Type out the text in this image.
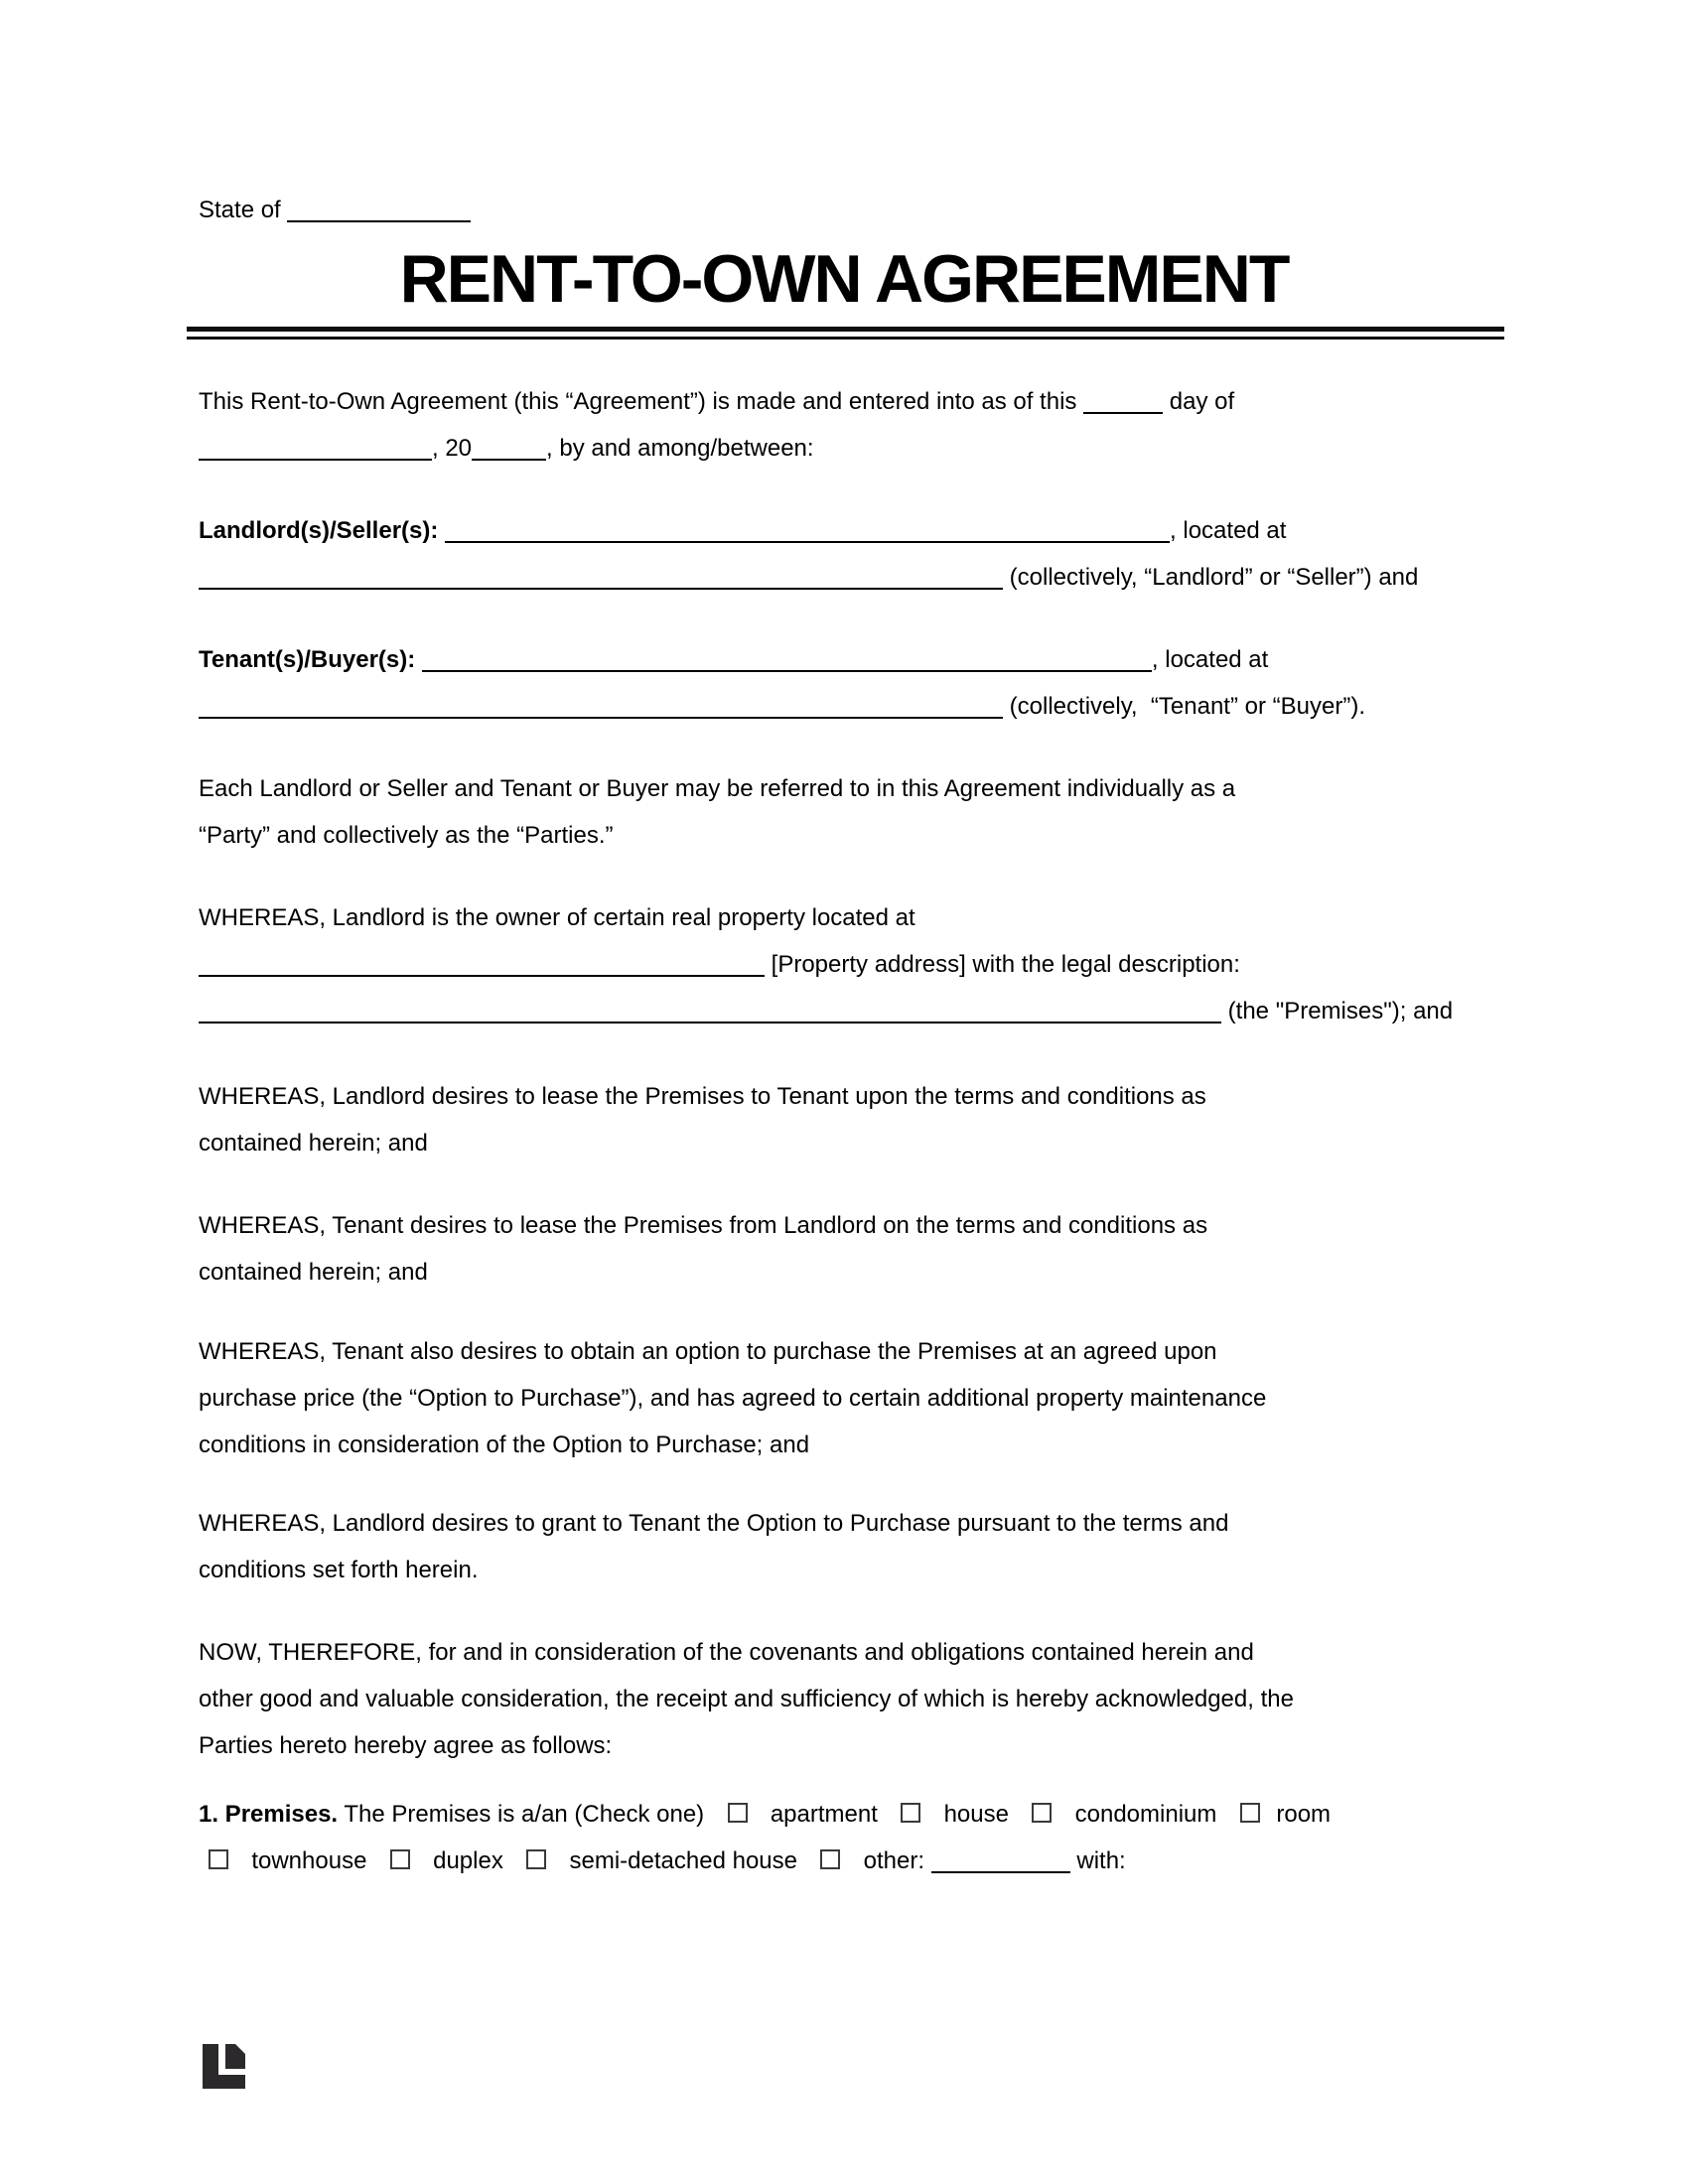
State of
RENT-TO-OWN AGREEMENT
This Rent-to-Own Agreement (this “Agreement”) is made and entered into as of this	day of
, 20	, by and among/between:
Landlord(s)/Seller(s):	, located at
(collectively, “Landlord” or “Seller”) and
Tenant(s)/Buyer(s):	, located at
(collectively,  “Tenant” or “Buyer”).
Each Landlord or Seller and Tenant or Buyer may be referred to in this Agreement individually as a
“Party” and collectively as the “Parties.”
WHEREAS, Landlord is the owner of certain real property located at
[Property address] with the legal description:
(the "Premises"); and
WHEREAS, Landlord desires to lease the Premises to Tenant upon the terms and conditions as
contained herein; and
WHEREAS, Tenant desires to lease the Premises from Landlord on the terms and conditions as
contained herein; and
WHEREAS, Tenant also desires to obtain an option to purchase the Premises at an agreed upon
purchase price (the “Option to Purchase”), and has agreed to certain additional property maintenance
conditions in consideration of the Option to Purchase; and
WHEREAS, Landlord desires to grant to Tenant the Option to Purchase pursuant to the terms and
conditions set forth herein.
NOW, THEREFORE, for and in consideration of the covenants and obligations contained herein and
other good and valuable consideration, the receipt and sufficiency of which is hereby acknowledged, the
Parties hereto hereby agree as follows:
1. Premises. The Premises is a/an (Check one)    apartment    house    condominium   room
townhouse    duplex    semi-detached house    other:	with:
